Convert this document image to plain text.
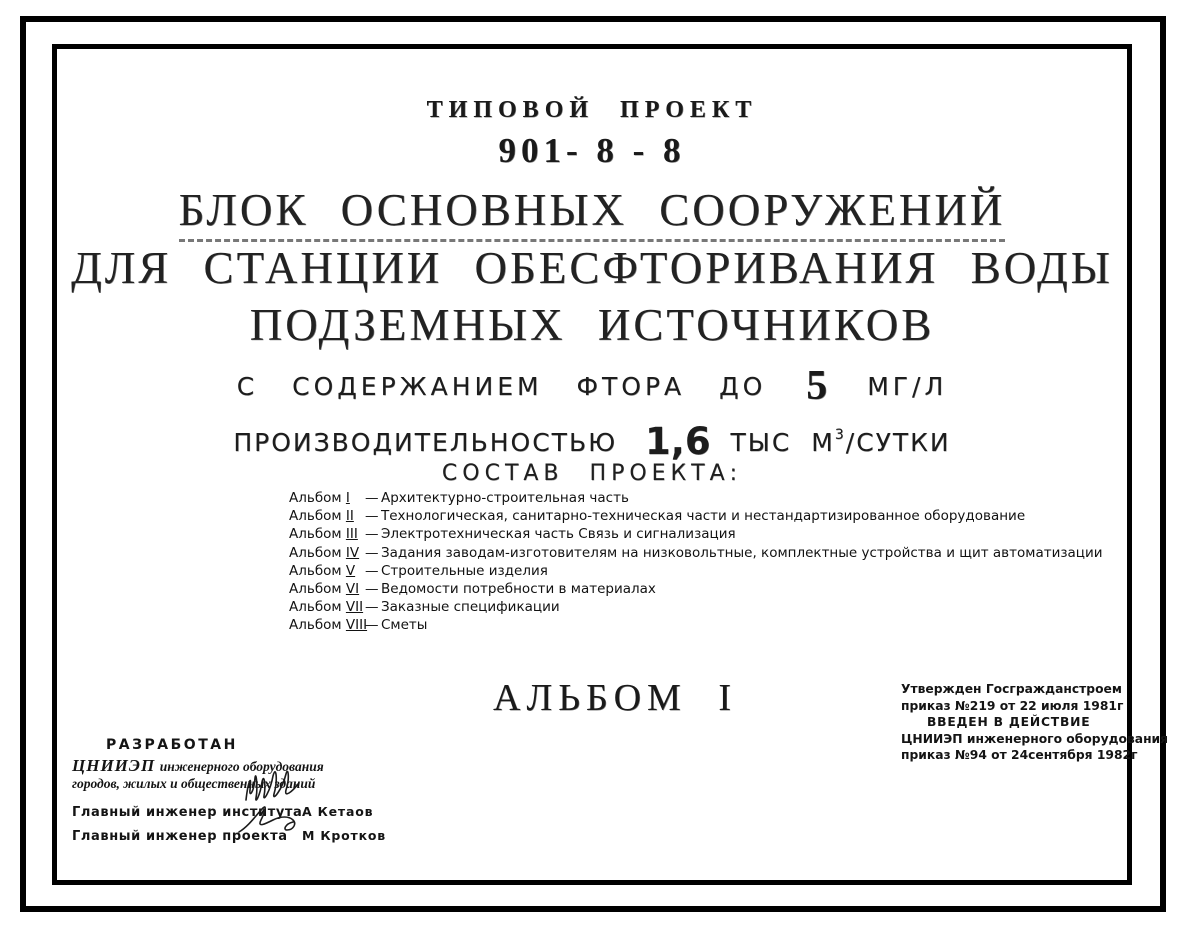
ТИПОВОЙ ПРОЕКТ
901- 8 - 8
БЛОК ОСНОВНЫХ СООРУЖЕНИЙ
ДЛЯ СТАНЦИИ ОБЕСФТОРИВАНИЯ ВОДЫ
ПОДЗЕМНЫХ ИСТОЧНИКОВ
С СОДЕРЖАНИЕМ ФТОРА ДО 5 МГ/Л
ПРОИЗВОДИТЕЛЬНОСТЬЮ 1,6 ТЫС $М^3$/СУТКИ
СОСТАВ ПРОЕКТА:
Альбом I — Архитектурно-строительная часть
Альбом II — Технологическая, санитарно-техническая части и нестандартизированное оборудование
Альбом III — Электротехническая часть Связь и сигнализация
Альбом IV — Задания заводам-изготовителям на низковольтные, комплектные устройства и щит автоматизации
Альбом V — Строительные изделия
Альбом VI — Ведомости потребности в материалах
Альбом VII — Заказные спецификации
Альбом VIII— Сметы
АЛЬБОМ I	Утвержден Госгражданстроем
приказ №219 от 22 июля 1981г
ВВЕДЕН В ДЕЙСТВИЕ
ЦНИИЭП инженерного оборудования
приказ №94 от 24сентября 1982г
РАЗРАБОТАН
ЦНИИЭП инженерного оборудования
городов, жилых и общественных зданий
Главный инженер института А Кетаов
Главный инженер проекта	М Кротков
